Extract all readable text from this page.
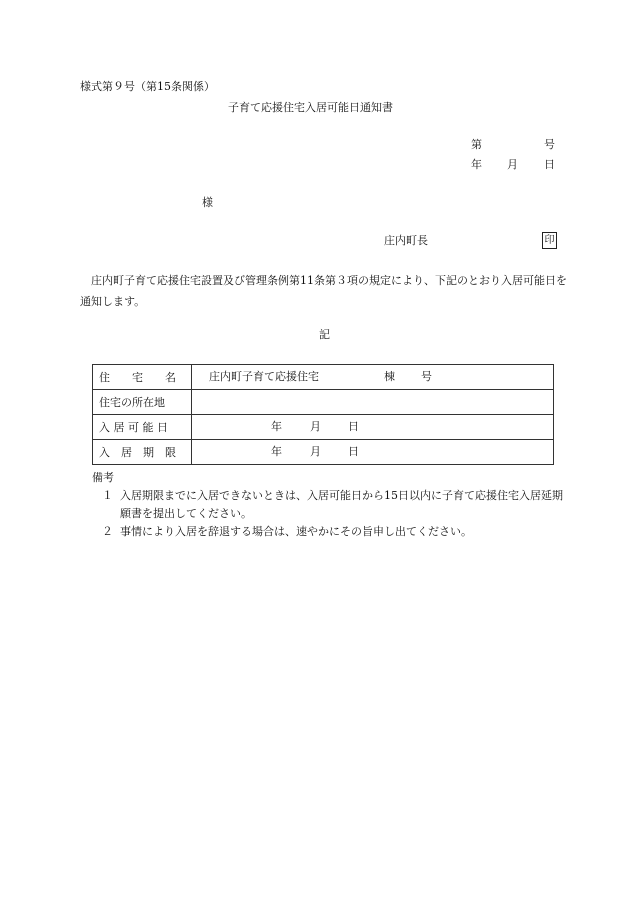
様式第９号（第15条関係）
子育て応援住宅入居可能日通知書
第	号
年 月 日
様
庄内町長	印
　庄内町子育て応援住宅設置及び管理条例第11条第３項の規定により、下記のとおり入居可能日を通知します。
記
住　　宅　　名	庄内町子育て応援住宅 棟 号

住宅の所在地	
入 居 可 能 日	年 月 日

入　居　期　限	年 月 日
備考
１ 入居期限までに入居できないときは、入居可能日から15日以内に子育て応援住宅入居延期願書を提出してください。
２ 事情により入居を辞退する場合は、速やかにその旨申し出てください。
